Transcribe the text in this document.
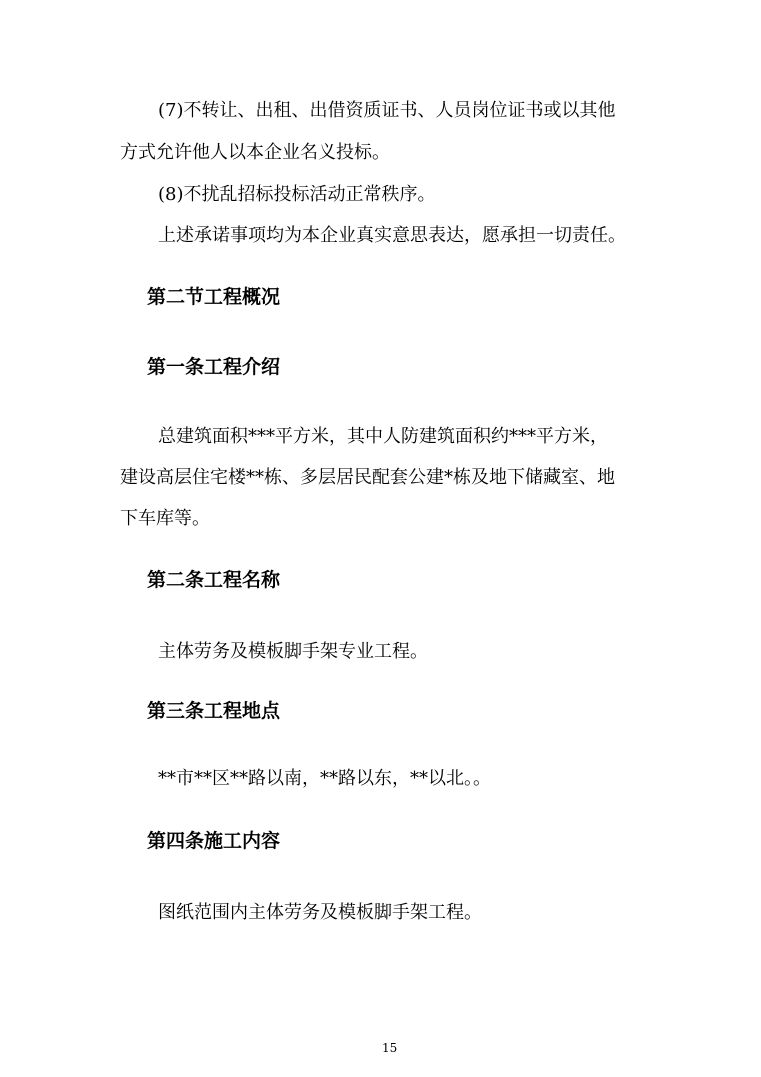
(7)不转让、出租、出借资质证书、人员岗位证书或以其他
方式允许他人以本企业名义投标。
(8)不扰乱招标投标活动正常秩序。
上述承诺事项均为本企业真实意思表达，愿承担一切责任。
第二节工程概况
第一条工程介绍
总建筑面积***平方米，其中人防建筑面积约***平方米，
建设高层住宅楼**栋、多层居民配套公建*栋及地下储藏室、地
下车库等。
第二条工程名称
主体劳务及模板脚手架专业工程。
第三条工程地点
**市**区**路以南，**路以东，**以北。。
第四条施工内容
图纸范围内主体劳务及模板脚手架工程。
15
